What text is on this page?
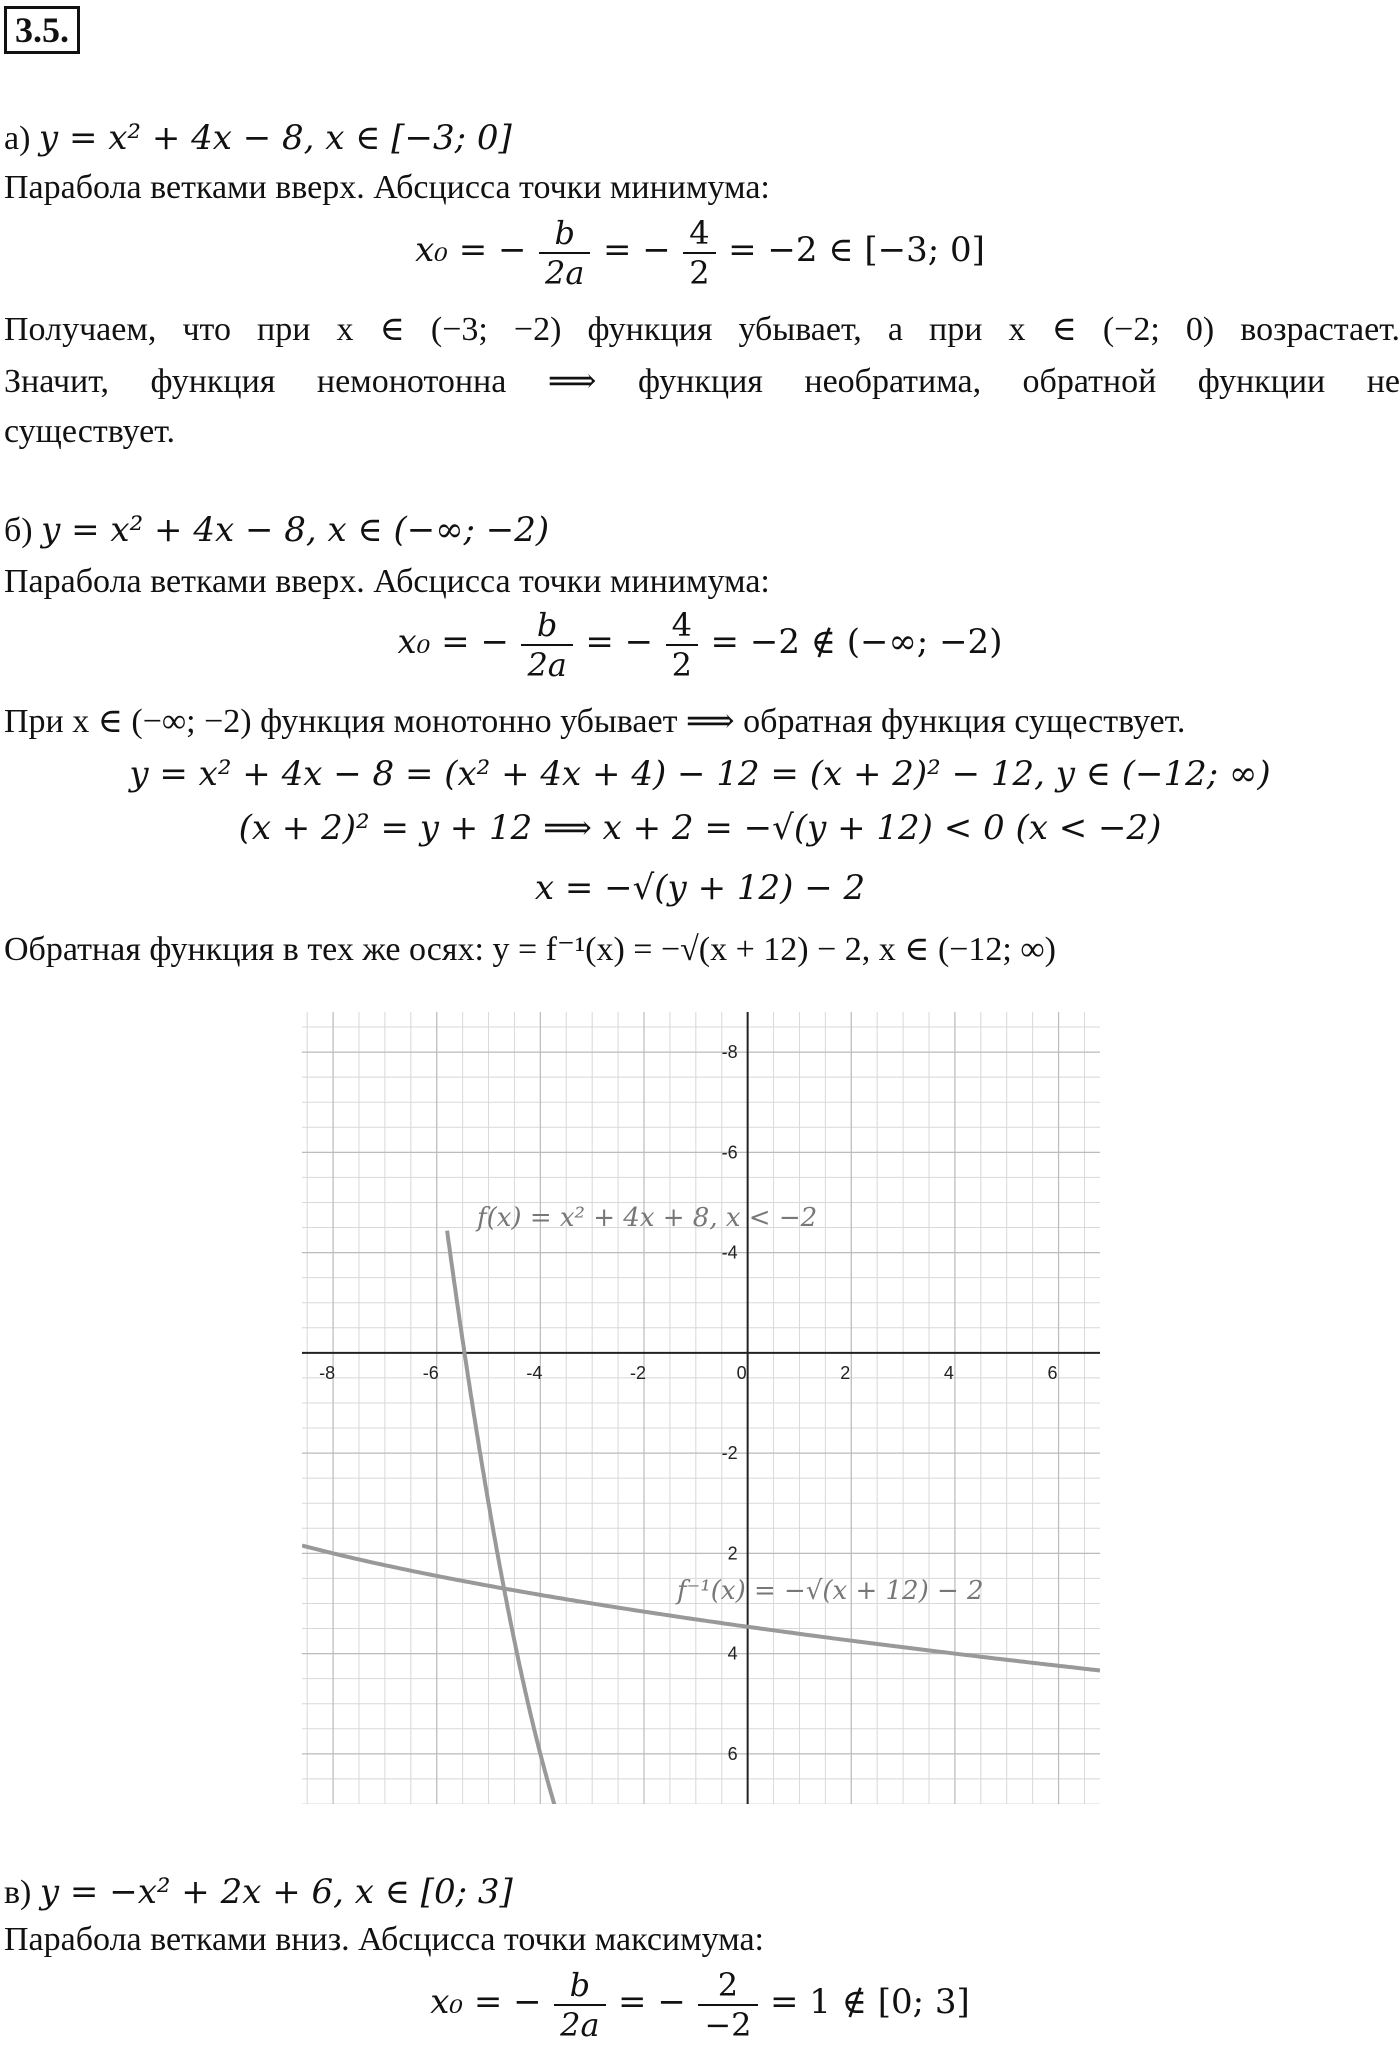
3.5.
а) y = x² + 4x − 8, x ∈ [−3; 0]
Парабола ветками вверх. Абсцисса точки минимума:
x₀ = − $\frac{b}{2a}$ = − $\frac{4}{2} = -2$ ∈ [−3; 0]
Получаем, что при x ∈ (−3; −2) функция убывает, а при x ∈ (−2; 0) возрастает.
Значит, функция немонотонна ⟹ функция необратима, обратной функции не
существует.
б) y = x² + 4x − 8, x ∈ (−∞; −2)
Парабола ветками вверх. Абсцисса точки минимума:
x₀ = − $\frac{b}{2a}$ = − $\frac{4}{2} = -2$ ∉ (−∞; −2)
При x ∈ (−∞; −2) функция монотонно убывает ⟹ обратная функция существует.
y = x² + 4x − 8 = (x² + 4x + 4) − 12 = (x + 2)² − 12, y ∈ (−12; ∞)
(x + 2)² = y + 12 ⟹ x + 2 = −√(y + 12) < 0 (x < −2)
x = −√(y + 12) − 2
Обратная функция в тех же осях: y = f⁻¹(x) = −√(x + 12) − 2, x ∈ (−12; ∞)
-8	-6	-4	-2	0	2	4	6
6
4
2
-2
-4
-6
-8
f(x) = x² + 4x + 8, x < −2
f⁻¹(x) = −√(x + 12) − 2
в) y = −x² + 2x + 6, x ∈ [0; 3]
Парабола ветками вниз. Абсцисса точки максимума:
x₀ = − $\frac{b}{2a}$ = − $\frac{2}{-2} = 1$ ∉ [0; 3]
